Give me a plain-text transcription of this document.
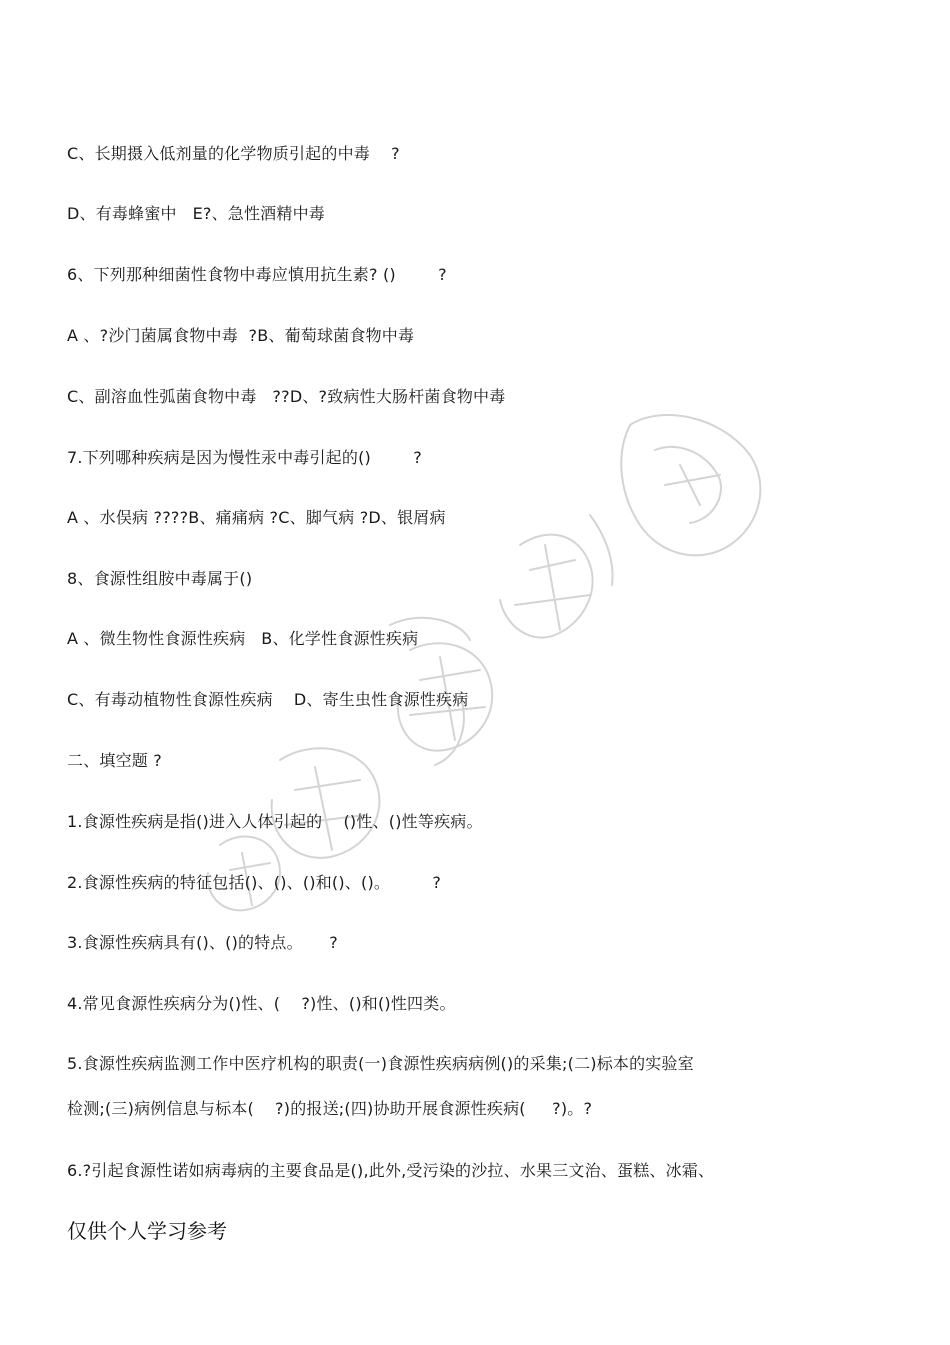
C、长期摄入低剂量的化学物质引起的中毒    ?
D、有毒蜂蜜中   E?、急性酒精中毒
6、下列那种细菌性食物中毒应慎用抗生素? ()        ?
A 、?沙门菌属食物中毒  ?B、葡萄球菌食物中毒
C、副溶血性弧菌食物中毒   ??D、?致病性大肠杆菌食物中毒
7.下列哪种疾病是因为慢性汞中毒引起的()        ?
A 、水俣病 ????B、痛痛病 ?C、脚气病 ?D、银屑病
8、食源性组胺中毒属于()
A 、微生物性食源性疾病   B、化学性食源性疾病
C、有毒动植物性食源性疾病    D、寄生虫性食源性疾病
二、填空题 ?
1.食源性疾病是指()进入人体引起的    ()性、()性等疾病。
2.食源性疾病的特征包括()、()、()和()、()。        ?
3.食源性疾病具有()、()的特点。     ?
4.常见食源性疾病分为()性、(    ?)性、()和()性四类。
5.食源性疾病监测工作中医疗机构的职责(一)食源性疾病病例()的采集;(二)标本的实验室
检测;(三)病例信息与标本(    ?)的报送;(四)协助开展食源性疾病(     ?)。?
6.?引起食源性诺如病毒病的主要食品是(),此外,受污染的沙拉、水果三文治、蛋糕、冰霜、
仅供个人学习参考
